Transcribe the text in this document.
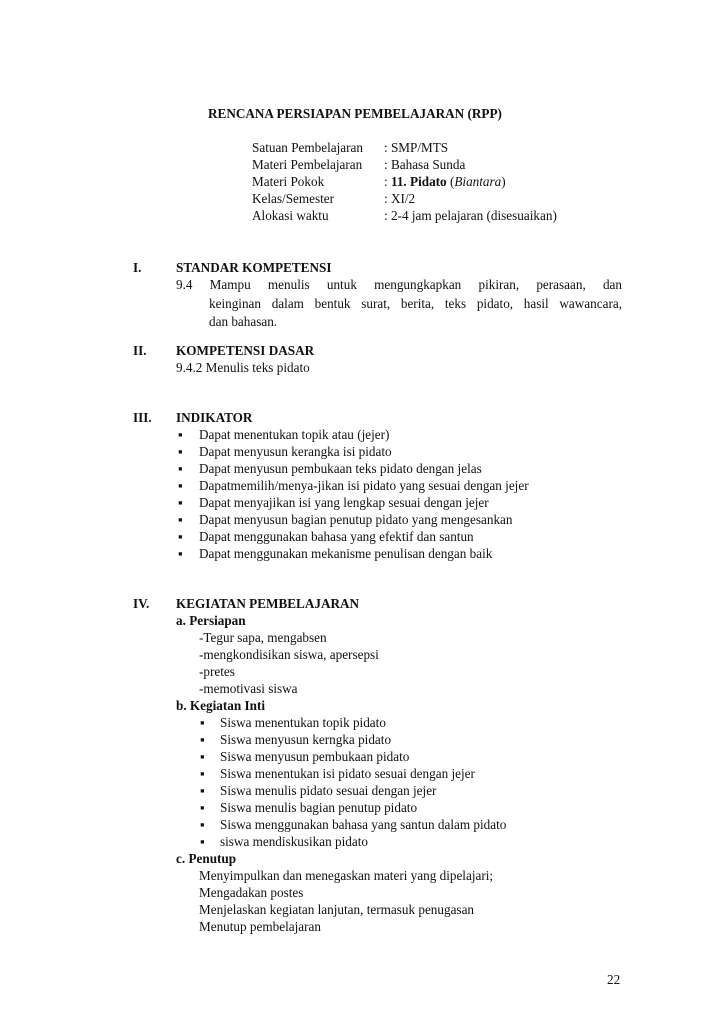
RENCANA PERSIAPAN PEMBELAJARAN (RPP)
Satuan Pembelajaran : SMP/MTS
Materi Pembelajaran : Bahasa Sunda
Materi Pokok	: 11. Pidato (Biantara)
Kelas/Semester	: XI/2
Alokasi waktu	: 2-4 jam pelajaran (disesuaikan)
I.	STANDAR KOMPETENSI
9.4 Mampu menulis untuk mengungkapkan pikiran, perasaan, dan
keinginan dalam bentuk surat, berita, teks pidato, hasil wawancara,
dan bahasan.
II. KOMPETENSI DASAR
9.4.2 Menulis teks pidato
III. INDIKATOR
▪ Dapat menentukan topik atau (jejer)
▪ Dapat menyusun kerangka isi pidato
▪ Dapat menyusun pembukaan teks pidato dengan jelas
▪ Dapatmemilih/menya-jikan isi pidato yang sesuai dengan jejer
▪ Dapat menyajikan isi yang lengkap sesuai dengan jejer
▪ Dapat menyusun bagian penutup pidato yang mengesankan
▪ Dapat menggunakan bahasa yang efektif dan santun
▪ Dapat menggunakan mekanisme penulisan dengan baik
IV. KEGIATAN PEMBELAJARAN
a. Persiapan
-Tegur sapa, mengabsen
-mengkondisikan siswa, apersepsi
-pretes
-memotivasi siswa
b. Kegiatan Inti
▪ Siswa menentukan topik pidato
▪ Siswa menyusun kerngka pidato
▪ Siswa menyusun pembukaan pidato
▪ Siswa menentukan isi pidato sesuai dengan jejer
▪ Siswa menulis pidato sesuai dengan jejer
▪ Siswa menulis bagian penutup pidato
▪ Siswa menggunakan bahasa yang santun dalam pidato
▪ siswa mendiskusikan pidato
c. Penutup
Menyimpulkan dan menegaskan materi yang dipelajari;
Mengadakan postes
Menjelaskan kegiatan lanjutan, termasuk penugasan
Menutup pembelajaran
22
